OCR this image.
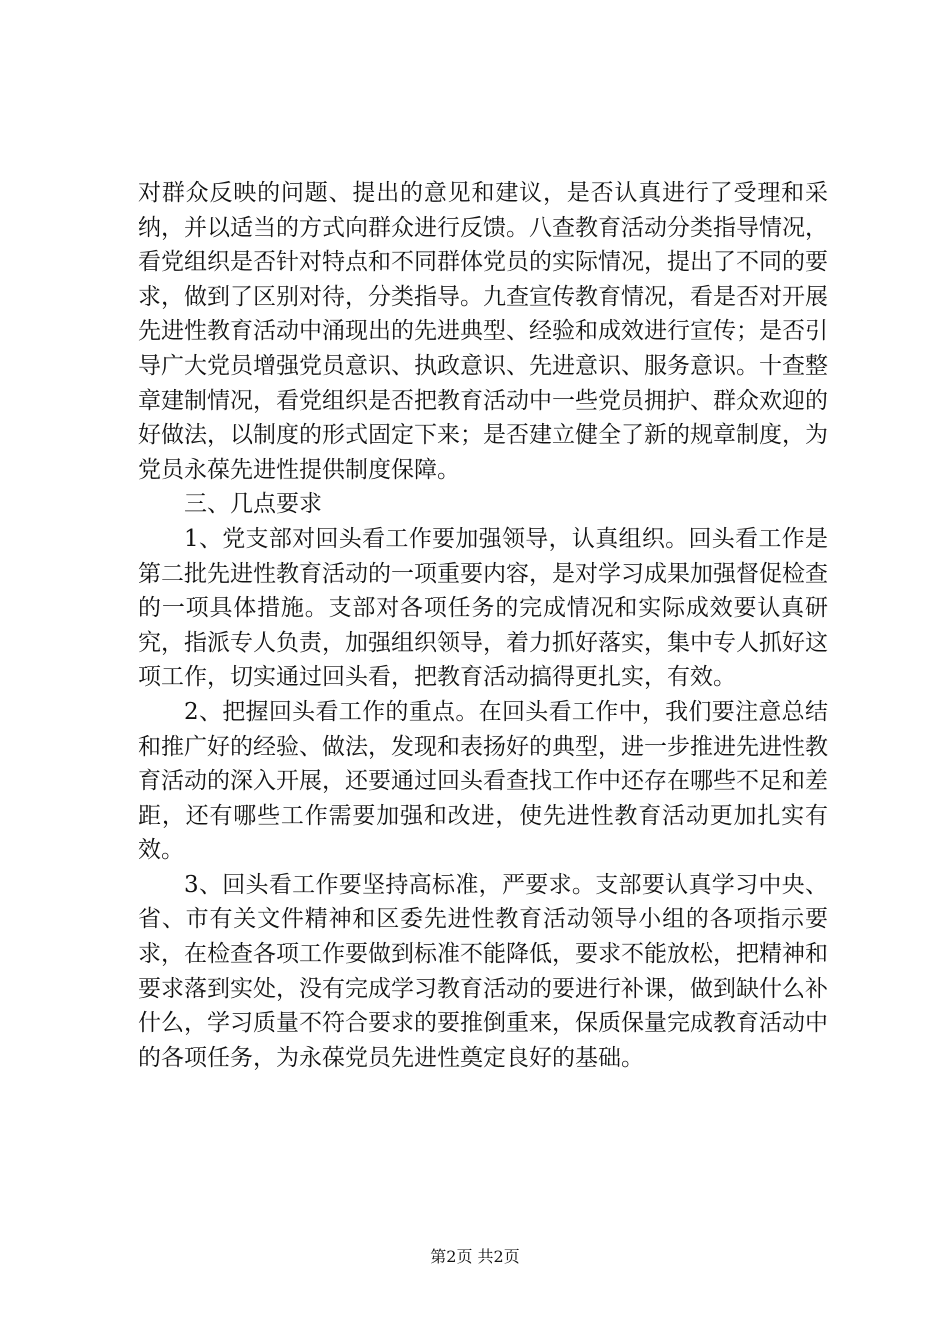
对群众反映的问题、提出的意见和建议，是否认真进行了受理和采纳，并以适当的方式向群众进行反馈。八查教育活动分类指导情况，看党组织是否针对特点和不同群体党员的实际情况，提出了不同的要求，做到了区别对待，分类指导。九查宣传教育情况，看是否对开展先进性教育活动中涌现出的先进典型、经验和成效进行宣传；是否引导广大党员增强党员意识、执政意识、先进意识、服务意识。十查整章建制情况，看党组织是否把教育活动中一些党员拥护、群众欢迎的好做法，以制度的形式固定下来；是否建立健全了新的规章制度，为党员永葆先进性提供制度保障。

三、几点要求

1、党支部对回头看工作要加强领导，认真组织。回头看工作是第二批先进性教育活动的一项重要内容，是对学习成果加强督促检查的一项具体措施。支部对各项任务的完成情况和实际成效要认真研究，指派专人负责，加强组织领导，着力抓好落实，集中专人抓好这项工作，切实通过回头看，把教育活动搞得更扎实，有效。

2、把握回头看工作的重点。在回头看工作中，我们要注意总结和推广好的经验、做法，发现和表扬好的典型，进一步推进先进性教育活动的深入开展，还要通过回头看查找工作中还存在哪些不足和差距，还有哪些工作需要加强和改进，使先进性教育活动更加扎实有效。

3、回头看工作要坚持高标准，严要求。支部要认真学习中央、省、市有关文件精神和区委先进性教育活动领导小组的各项指示要求，在检查各项工作要做到标准不能降低，要求不能放松，把精神和要求落到实处，没有完成学习教育活动的要进行补课，做到缺什么补什么，学习质量不符合要求的要推倒重来，保质保量完成教育活动中的各项任务，为永葆党员先进性奠定良好的基础。

第2页 共2页
